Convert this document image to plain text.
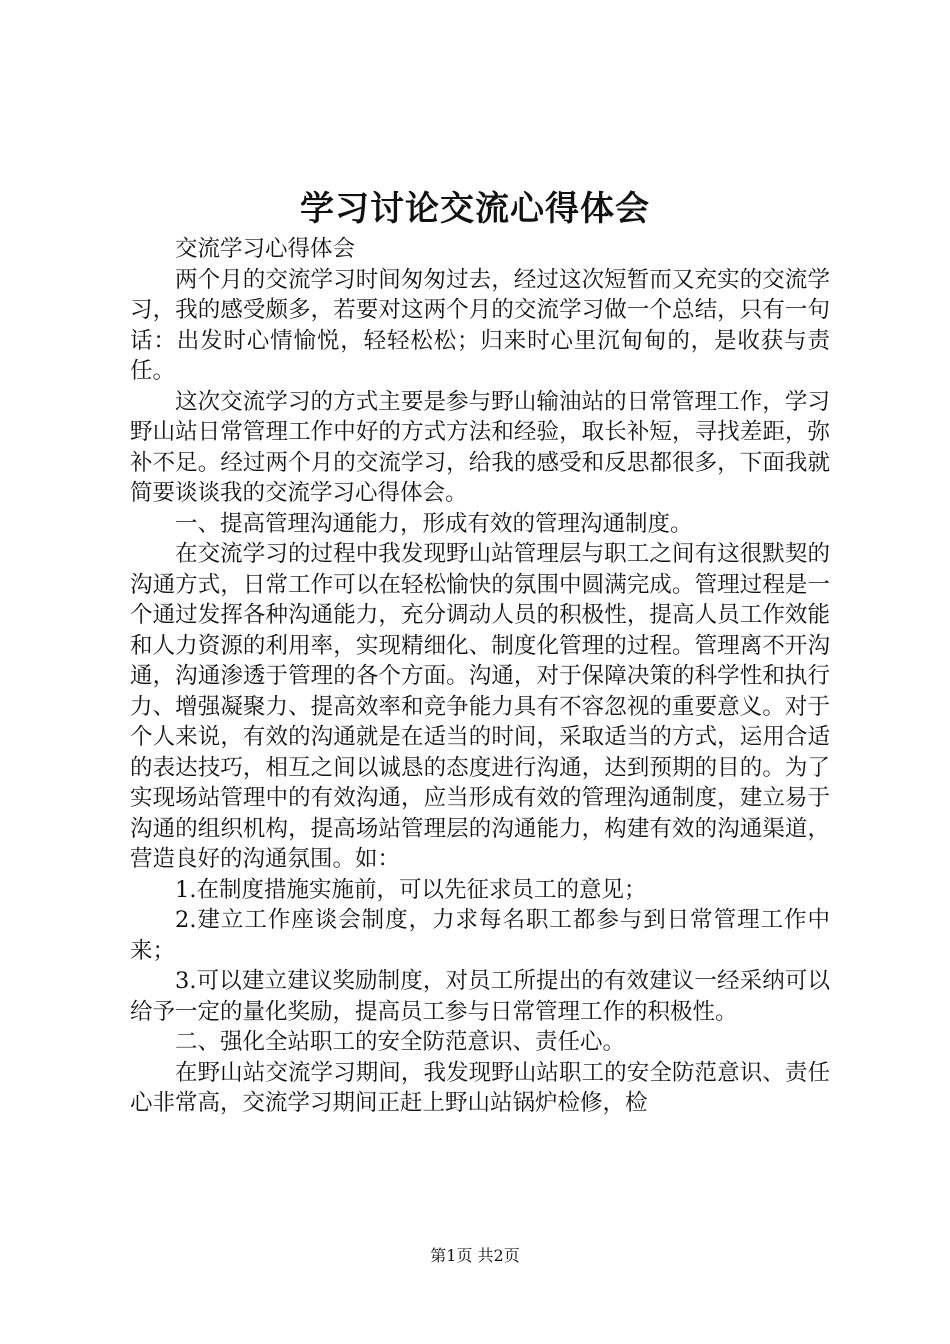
学习讨论交流心得体会

交流学习心得体会

两个月的交流学习时间匆匆过去，经过这次短暂而又充实的交流学习，我的感受颇多，若要对这两个月的交流学习做一个总结，只有一句话：出发时心情愉悦，轻轻松松；归来时心里沉甸甸的，是收获与责任。

这次交流学习的方式主要是参与野山输油站的日常管理工作，学习野山站日常管理工作中好的方式方法和经验，取长补短，寻找差距，弥补不足。经过两个月的交流学习，给我的感受和反思都很多，下面我就简要谈谈我的交流学习心得体会。

一、提高管理沟通能力，形成有效的管理沟通制度。

在交流学习的过程中我发现野山站管理层与职工之间有这很默契的沟通方式，日常工作可以在轻松愉快的氛围中圆满完成。管理过程是一个通过发挥各种沟通能力，充分调动人员的积极性，提高人员工作效能和人力资源的利用率，实现精细化、制度化管理的过程。管理离不开沟通，沟通渗透于管理的各个方面。沟通，对于保障决策的科学性和执行力、增强凝聚力、提高效率和竞争能力具有不容忽视的重要意义。对于个人来说，有效的沟通就是在适当的时间，采取适当的方式，运用合适的表达技巧，相互之间以诚恳的态度进行沟通，达到预期的目的。为了实现场站管理中的有效沟通，应当形成有效的管理沟通制度，建立易于沟通的组织机构，提高场站管理层的沟通能力，构建有效的沟通渠道，营造良好的沟通氛围。如：

1.在制度措施实施前，可以先征求员工的意见；

2.建立工作座谈会制度，力求每名职工都参与到日常管理工作中来；

3.可以建立建议奖励制度，对员工所提出的有效建议一经采纳可以给予一定的量化奖励，提高员工参与日常管理工作的积极性。

二、强化全站职工的安全防范意识、责任心。

在野山站交流学习期间，我发现野山站职工的安全防范意识、责任心非常高，交流学习期间正赶上野山站锅炉检修，检

第1页 共2页
